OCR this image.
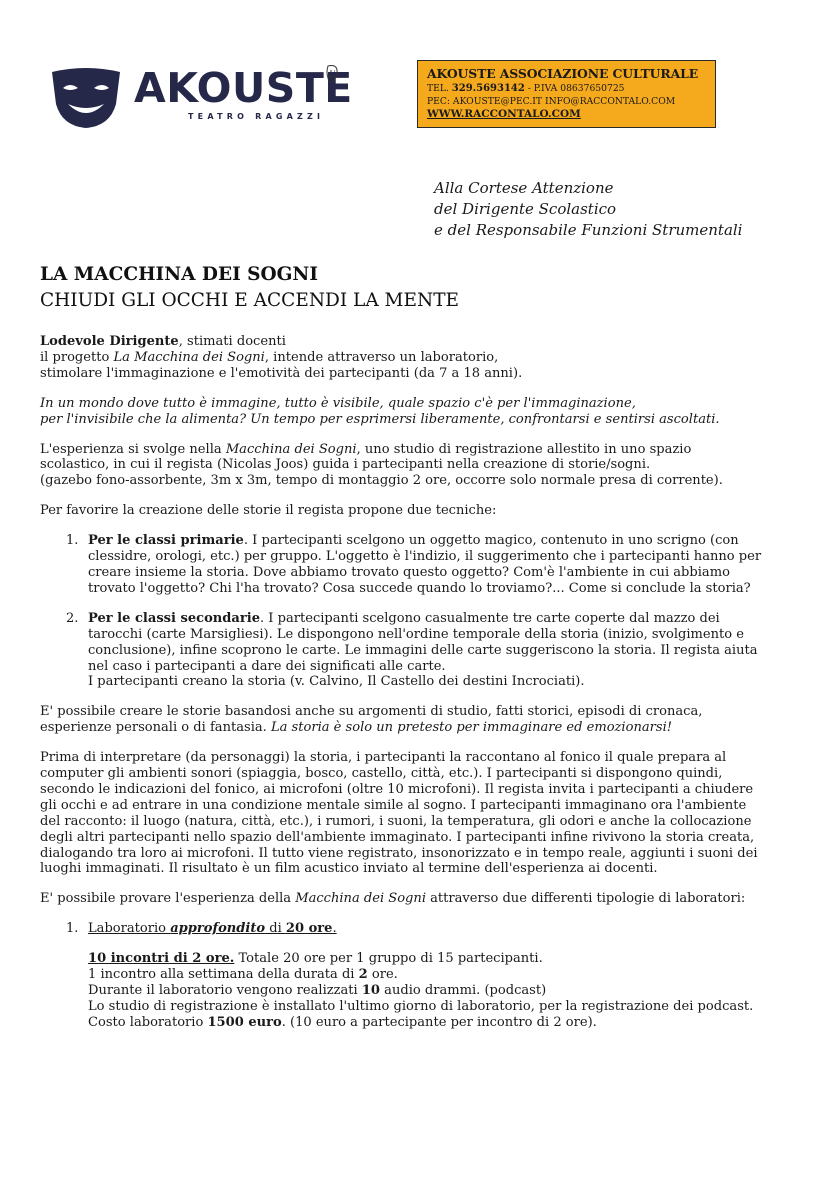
AKOUSTE
TEATRO RAGAZZI
AKOUSTE ASSOCIAZIONE CULTURALE
TEL. 329.5693142 - P.IVA 08637650725
PEC: AKOUSTE@PEC.IT INFO@RACCONTALO.COM
WWW.RACCONTALO.COM
Alla Cortese Attenzione
del Dirigente Scolastico
e del Responsabile Funzioni Strumentali
LA MACCHINA DEI SOGNI
CHIUDI GLI OCCHI E ACCENDI LA MENTE

Lodevole Dirigente, stimati docenti

il progetto La Macchina dei Sogni, intende attraverso un laboratorio,

stimolare l'immaginazione e l'emotività dei partecipanti (da 7 a 18 anni).

In un mondo dove tutto è immagine, tutto è visibile, quale spazio c'è per l'immaginazione,

per l'invisibile che la alimenta? Un tempo per esprimersi liberamente, confrontarsi e sentirsi ascoltati.

L'esperienza si svolge nella Macchina dei Sogni, uno studio di registrazione allestito in uno spazio

scolastico, in cui il regista (Nicolas Joos) guida i partecipanti nella creazione di storie/sogni.

(gazebo fono-assorbente, 3m x 3m, tempo di montaggio 2 ore, occorre solo normale presa di corrente).

Per favorire la creazione delle storie il regista propone due tecniche:

1. Per le classi primarie. I partecipanti scelgono un oggetto magico, contenuto in uno scrigno (con

clessidre, orologi, etc.) per gruppo. L'oggetto è l'indizio, il suggerimento che i partecipanti hanno per

creare insieme la storia. Dove abbiamo trovato questo oggetto? Com'è l'ambiente in cui abbiamo

trovato l'oggetto? Chi l'ha trovato? Cosa succede quando lo troviamo?... Come si conclude la storia?

2. Per le classi secondarie. I partecipanti scelgono casualmente tre carte coperte dal mazzo dei

tarocchi (carte Marsigliesi). Le dispongono nell'ordine temporale della storia (inizio, svolgimento e

conclusione), infine scoprono le carte. Le immagini delle carte suggeriscono la storia. Il regista aiuta

nel caso i partecipanti a dare dei significati alle carte.

I partecipanti creano la storia (v. Calvino, Il Castello dei destini Incrociati).

E' possibile creare le storie basandosi anche su argomenti di studio, fatti storici, episodi di cronaca,

esperienze personali o di fantasia. La storia è solo un pretesto per immaginare ed emozionarsi!

Prima di interpretare (da personaggi) la storia, i partecipanti la raccontano al fonico il quale prepara al

computer gli ambienti sonori (spiaggia, bosco, castello, città, etc.). I partecipanti si dispongono quindi,

secondo le indicazioni del fonico, ai microfoni (oltre 10 microfoni). Il regista invita i partecipanti a chiudere

gli occhi e ad entrare in una condizione mentale simile al sogno. I partecipanti immaginano ora l'ambiente

del racconto: il luogo (natura, città, etc.), i rumori, i suoni, la temperatura, gli odori e anche la collocazione

degli altri partecipanti nello spazio dell'ambiente immaginato. I partecipanti infine rivivono la storia creata,

dialogando tra loro ai microfoni. Il tutto viene registrato, insonorizzato e in tempo reale, aggiunti i suoni dei

luoghi immaginati. Il risultato è un film acustico inviato al termine dell'esperienza ai docenti.

E' possibile provare l'esperienza della Macchina dei Sogni attraverso due differenti tipologie di laboratori:

1. Laboratorio approfondito di 20 ore.

10 incontri di 2 ore. Totale 20 ore per 1 gruppo di 15 partecipanti.

1 incontro alla settimana della durata di 2 ore.

Durante il laboratorio vengono realizzati 10 audio drammi. (podcast)

Lo studio di registrazione è installato l'ultimo giorno di laboratorio, per la registrazione dei podcast.

Costo laboratorio 1500 euro. (10 euro a partecipante per incontro di 2 ore).
